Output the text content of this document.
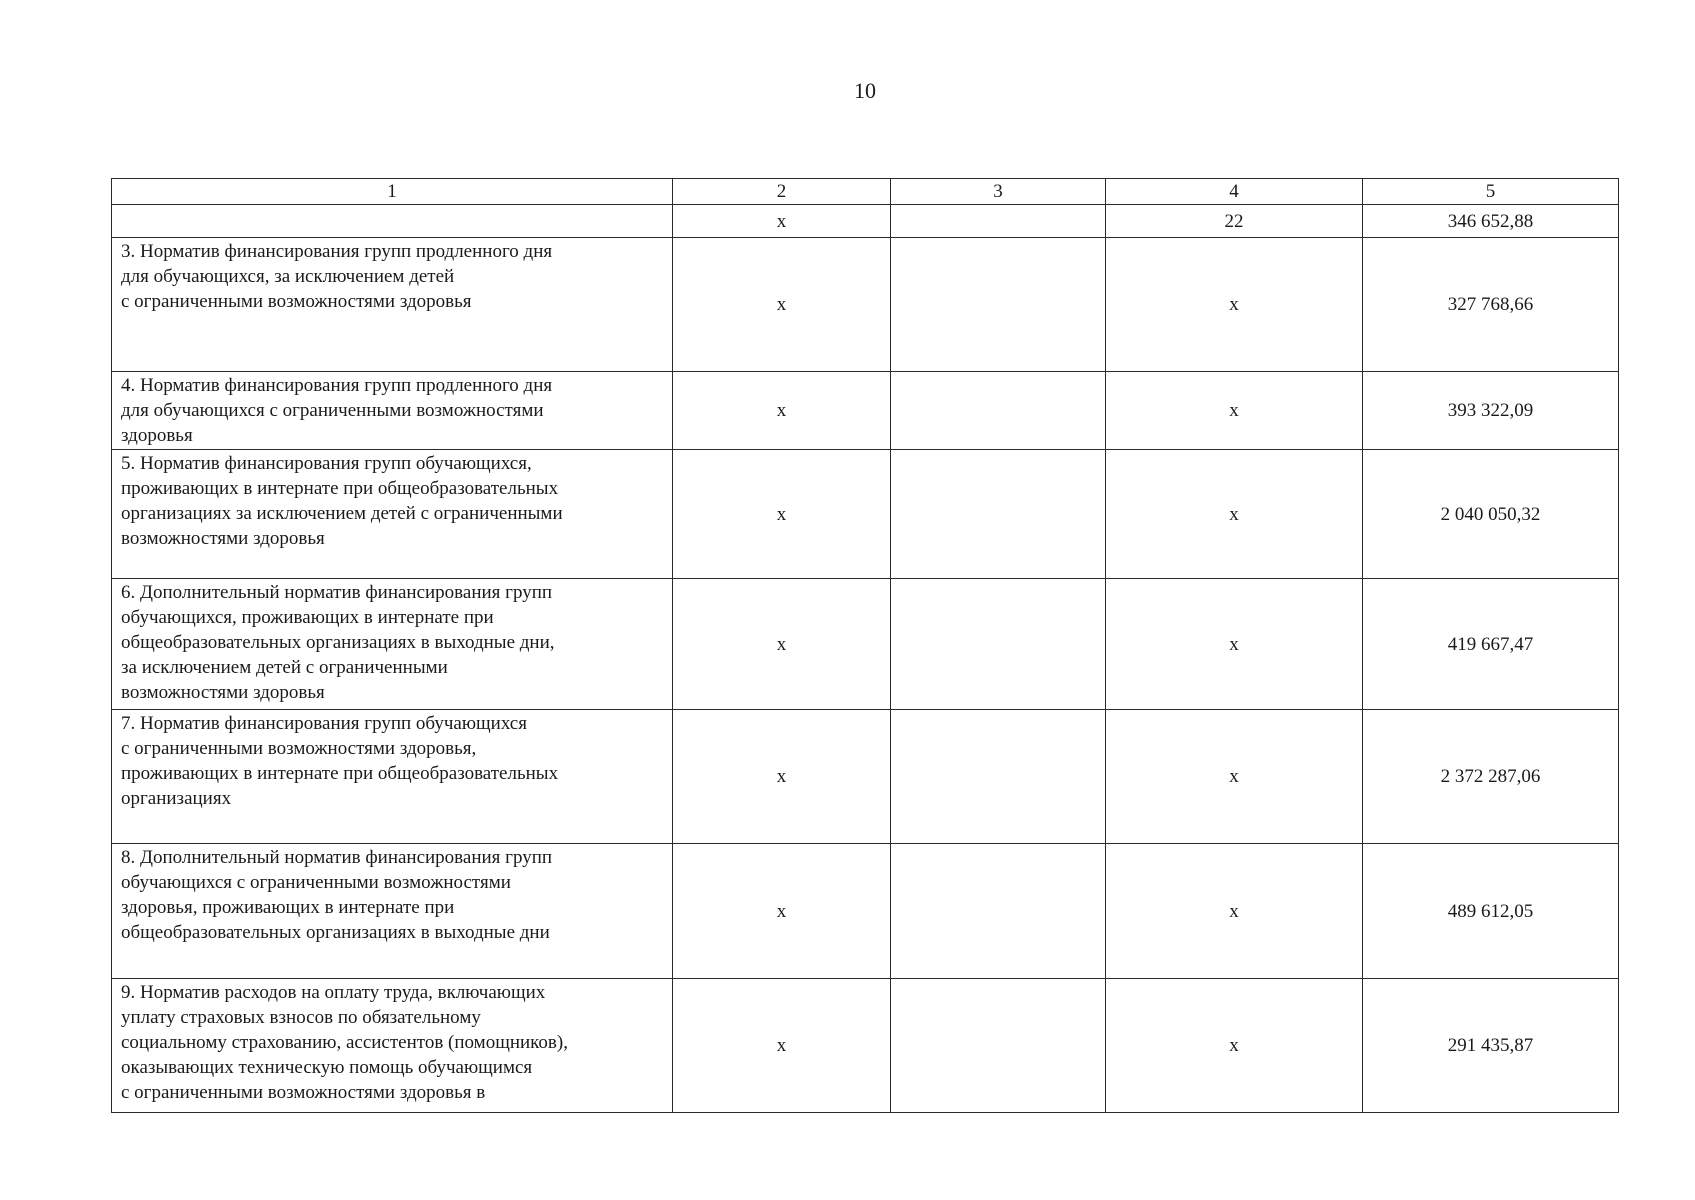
10
1	2	3	4	5
	х		22	346 652,88
3. Норматив финансирования групп продленного дня
для обучающихся, за исключением детей
с ограниченными возможностями здоровья	х		х	327 768,66
4. Норматив финансирования групп продленного дня
для обучающихся с ограниченными возможностями
здоровья	х		х	393 322,09
5. Норматив финансирования групп обучающихся,
проживающих в интернате при общеобразовательных
организациях за исключением детей с ограниченными
возможностями здоровья	х		х	2 040 050,32
6. Дополнительный норматив финансирования групп
обучающихся, проживающих в интернате при
общеобразовательных организациях в выходные дни,
за исключением детей с ограниченными
возможностями здоровья	х		х	419 667,47
7. Норматив финансирования групп обучающихся
с ограниченными возможностями здоровья,
проживающих в интернате при общеобразовательных
организациях	х		х	2 372 287,06
8. Дополнительный норматив финансирования групп
обучающихся с ограниченными возможностями
здоровья, проживающих в интернате при
общеобразовательных организациях в выходные дни	х		х	489 612,05
9. Норматив расходов на оплату труда, включающих
уплату страховых взносов по обязательному
социальному страхованию, ассистентов (помощников),
оказывающих техническую помощь обучающимся
с ограниченными возможностями здоровья в	х		х	291 435,87
